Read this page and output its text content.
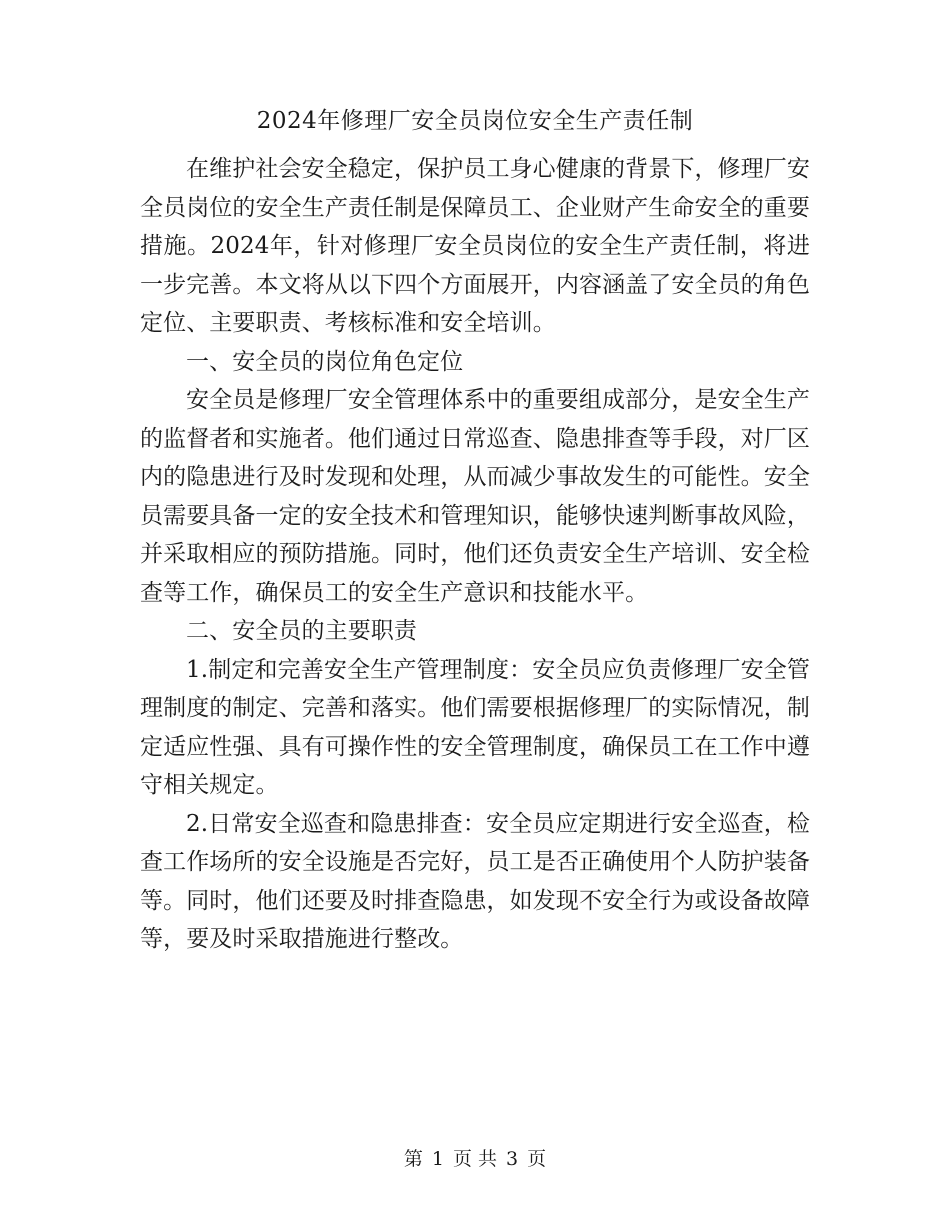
2024年修理厂安全员岗位安全生产责任制

在维护社会安全稳定，保护员工身心健康的背景下，修理厂安全员岗位的安全生产责任制是保障员工、企业财产生命安全的重要措施。2024年，针对修理厂安全员岗位的安全生产责任制，将进一步完善。本文将从以下四个方面展开，内容涵盖了安全员的角色定位、主要职责、考核标准和安全培训。

一、安全员的岗位角色定位

安全员是修理厂安全管理体系中的重要组成部分，是安全生产的监督者和实施者。他们通过日常巡查、隐患排查等手段，对厂区内的隐患进行及时发现和处理，从而减少事故发生的可能性。安全员需要具备一定的安全技术和管理知识，能够快速判断事故风险，并采取相应的预防措施。同时，他们还负责安全生产培训、安全检查等工作，确保员工的安全生产意识和技能水平。

二、安全员的主要职责

1.制定和完善安全生产管理制度：安全员应负责修理厂安全管理制度的制定、完善和落实。他们需要根据修理厂的实际情况，制定适应性强、具有可操作性的安全管理制度，确保员工在工作中遵守相关规定。

2.日常安全巡查和隐患排查：安全员应定期进行安全巡查，检查工作场所的安全设施是否完好，员工是否正确使用个人防护装备等。同时，他们还要及时排查隐患，如发现不安全行为或设备故障等，要及时采取措施进行整改。

第 1 页 共 3 页
